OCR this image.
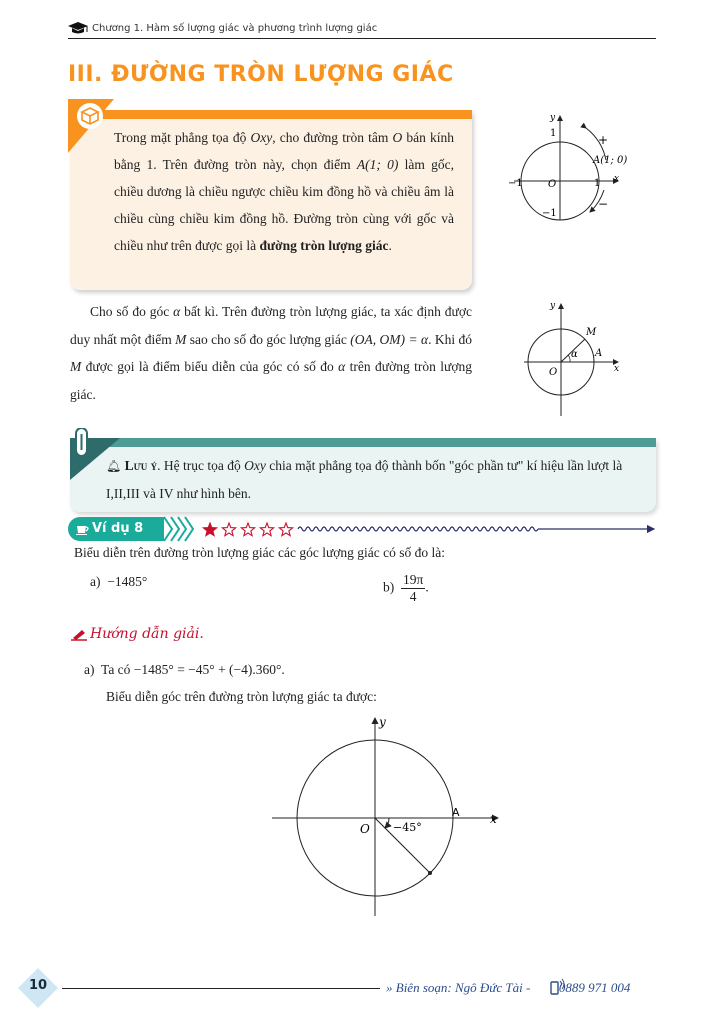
Chương 1. Hàm số lượng giác và phương trình lượng giác
III. ĐƯỜNG TRÒN LƯỢNG GIÁC
Trong mặt phẳng tọa độ Oxy, cho đường tròn tâm O bán kính bằng 1. Trên đường tròn này, chọn điểm A(1; 0) làm gốc, chiều dương là chiều ngược chiều kim đồng hồ và chiều âm là chiều cùng chiều kim đồng hồ. Đường tròn cùng với gốc và chiều như trên được gọi là đường tròn lượng giác.
y
x
1
−1	1
−1
O
A(1; 0)
+
−
Cho số đo góc α bất kì. Trên đường tròn lượng giác, ta xác định được duy nhất một điểm M sao cho số đo góc lượng giác (OA, OM) = α. Khi đó M được gọi là điểm biểu diễn của góc có số đo α trên đường tròn lượng giác.
y
x
O
M
A
α
🔔︎ Lưu ý. Hệ trục tọa độ Oxy chia mặt phẳng tọa độ thành bốn "góc phần tư" kí hiệu lần lượt là I,II,III và IV như hình bên.
Ví dụ 8
Biểu diễn trên đường tròn lượng giác các góc lượng giác có số đo là:
a) −1485°	$b) \frac{19\pi}{4}$ .
Hướng dẫn giải.
a) Ta có −1485° = −45° + (−4).360°.
Biểu diễn góc trên đường tròn lượng giác ta được:
y
x
O
A
−45°
10	» Biên soạn: Ngô Đức Tài - 0889 971 004
